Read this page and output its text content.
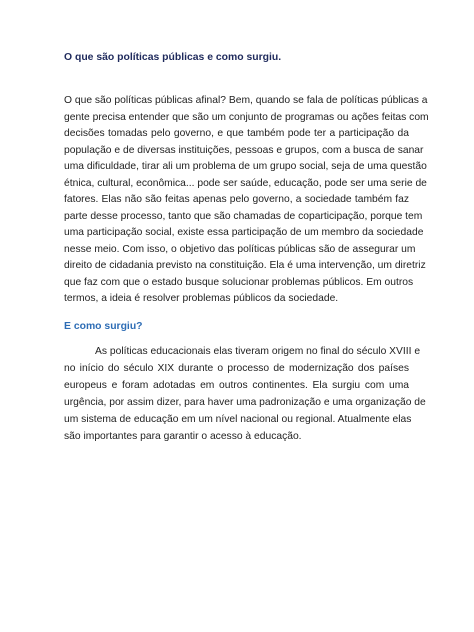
O que são políticas públicas e como surgiu.
O que são políticas públicas afinal? Bem, quando se fala de políticas públicas a
gente precisa entender que são um conjunto de programas ou ações feitas com
decisões tomadas pelo governo, e que também pode ter a participação da
população e de diversas instituições, pessoas e grupos, com a busca de sanar
uma dificuldade, tirar ali um problema de um grupo social, seja de uma questão
étnica, cultural, econômica... pode ser saúde, educação, pode ser uma serie de
fatores. Elas não são feitas apenas pelo governo, a sociedade também faz
parte desse processo, tanto que são chamadas de coparticipação, porque tem
uma participação social, existe essa participação de um membro da sociedade
nesse meio. Com isso, o objetivo das políticas públicas são de assegurar um
direito de cidadania previsto na constituição. Ela é uma intervenção, um diretriz
que faz com que o estado busque solucionar problemas públicos. Em outros
termos, a ideia é resolver problemas públicos da sociedade.
E como surgiu?
As políticas educacionais elas tiveram origem no final do século XVIII e
no início do século XIX durante o processo de modernização dos países
europeus e foram adotadas em outros continentes. Ela surgiu com uma
urgência, por assim dizer, para haver uma padronização e uma organização de
um sistema de educação em um nível nacional ou regional. Atualmente elas
são importantes para garantir o acesso à educação.
